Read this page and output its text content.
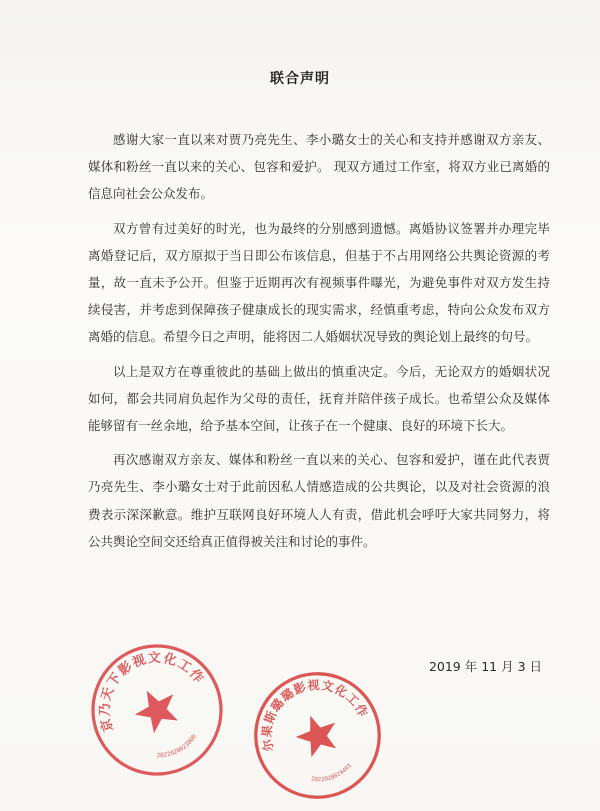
联合声明

感谢大家一直以来对贾乃亮先生、李小璐女士的关心和支持并感谢双方亲友、媒体和粉丝一直以来的关心、包容和爱护。 现双方通过工作室，将双方业已离婚的信息向社会公众发布。

双方曾有过美好的时光，也为最终的分别感到遗憾。离婚协议签署并办理完毕离婚登记后，双方原拟于当日即公布该信息，但基于不占用网络公共舆论资源的考量，故一直未予公开。但鉴于近期再次有视频事件曝光，为避免事件对双方发生持续侵害，并考虑到保障孩子健康成长的现实需求，经慎重考虑，特向公众发布双方离婚的信息。希望今日之声明，能将因二人婚姻状况导致的舆论划上最终的句号。

以上是双方在尊重彼此的基础上做出的慎重决定。今后，无论双方的婚姻状况如何，都会共同肩负起作为父母的责任，抚育并陪伴孩子成长。也希望公众及媒体能够留有一丝余地，给予基本空间，让孩子在一个健康、良好的环境下长大。

再次感谢双方亲友、媒体和粉丝一直以来的关心、包容和爱护，谨在此代表贾乃亮先生、李小璐女士对于此前因私人情感造成的公共舆论，以及对社会资源的浪费表示深深歉意。维护互联网良好环境人人有责，借此机会呼吁大家共同努力，将公共舆论空间交还给真正值得被关注和讨论的事件。

2019 年 11 月 3 日
北京乃天下影视文化工作室
2022020023000
霍尔果斯璐璐影视文化工作室
2022020024493
